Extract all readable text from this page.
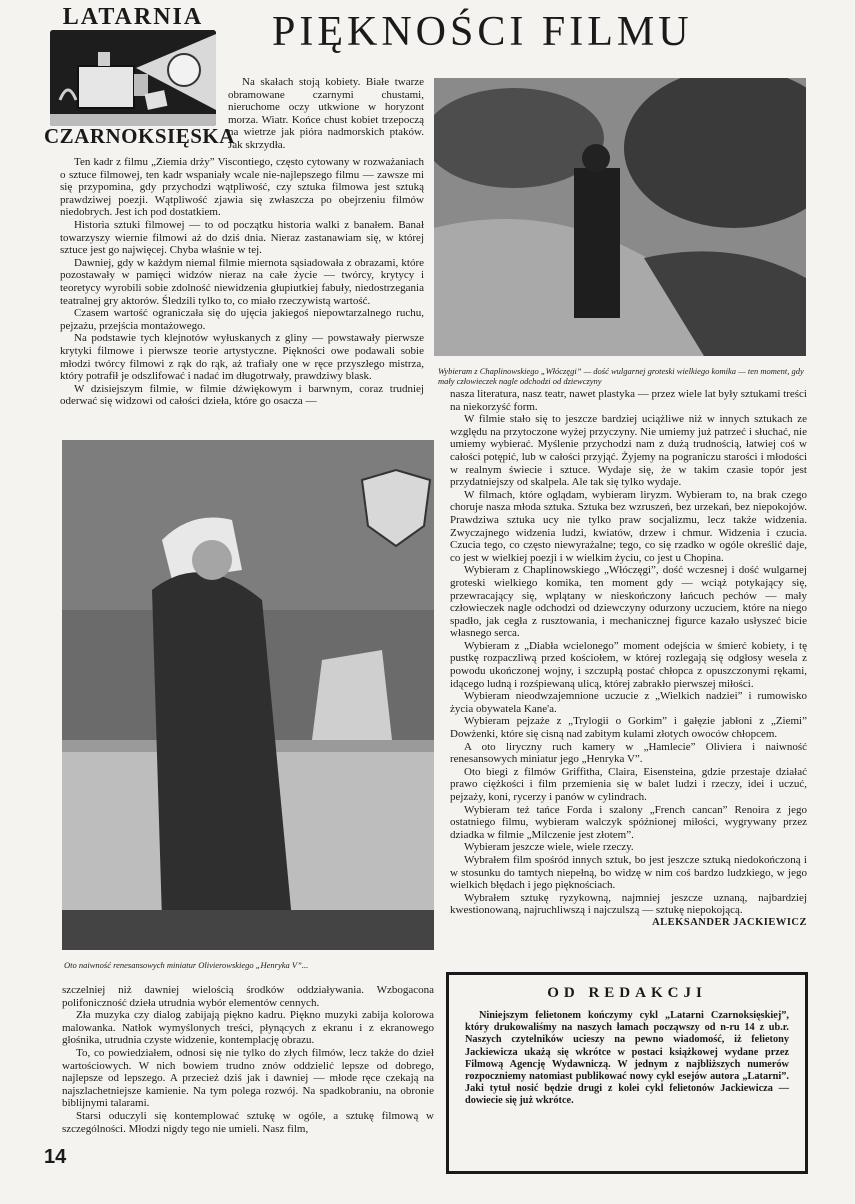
LATARNIA
CZARNOKSIĘSKA
PIĘKNOŚCI FILMU

Na skałach stoją kobiety. Białe twarze obramowane czarnymi chustami, nieruchome oczy utkwione w horyzont morza. Wiatr. Końce chust kobiet trzepoczą na wietrze jak pióra nadmorskich ptaków. Jak skrzydła.

Ten kadr z filmu „Ziemia drży” Viscontiego, często cytowany w rozważaniach o sztuce filmowej, ten kadr wspaniały wcale nie-najlepszego filmu — zawsze mi się przypomina, gdy przychodzi wątpliwość, czy sztuka filmowa jest sztuką prawdziwej poezji. Wątpliwość zjawia się zwłaszcza po obejrzeniu filmów niedobrych. Jest ich pod dostatkiem.

Historia sztuki filmowej — to od początku historia walki z banałem. Banał towarzyszy wiernie filmowi aż do dziś dnia. Nieraz zastanawiam się, w której sztuce jest go najwięcej. Chyba właśnie w tej.

Dawniej, gdy w każdym niemal filmie miernota sąsiadowała z obrazami, które pozostawały w pamięci widzów nieraz na całe życie — twórcy, krytycy i teoretycy wyrobili sobie zdolność niewidzenia głupiutkiej fabuły, niedostrzegania teatralnej gry aktorów. Śledzili tylko to, co miało rzeczywistą wartość.

Czasem wartość ograniczała się do ujęcia jakiegoś niepowtarzalnego ruchu, pejzażu, przejścia montażowego.

Na podstawie tych klejnotów wyłuskanych z gliny — powstawały pierwsze krytyki filmowe i pierwsze teorie artystyczne. Piękności owe podawali sobie młodzi twórcy filmowi z rąk do rąk, aż trafiały one w ręce przyszłego mistrza, który potrafił je odszlifować i nadać im długotrwały, prawdziwy blask.

W dzisiejszym filmie, w filmie dźwiękowym i barwnym, coraz trudniej oderwać się widzowi od całości dzieła, które go osacza —

Wybieram z Chaplinowskiego „Włóczęgi” — dość wulgarnej groteski wielkiego komika — ten moment, gdy mały człowieczek nagle odchodzi od dziewczyny

nasza literatura, nasz teatr, nawet plastyka — przez wiele lat były sztukami treści na niekorzyść form.

W filmie stało się to jeszcze bardziej uciążliwe niż w innych sztukach ze względu na przytoczone wyżej przyczyny. Nie umiemy już patrzeć i słuchać, nie umiemy wybierać. Myślenie przychodzi nam z dużą trudnością, łatwiej coś w całości potępić, lub w całości przyjąć. Żyjemy na pograniczu starości i młodości w realnym świecie i sztuce. Wydaje się, że w takim czasie topór jest przydatniejszy od skalpela. Ale tak się tylko wydaje.

W filmach, które oglądam, wybieram liryzm. Wybieram to, na brak czego choruje nasza młoda sztuka. Sztuka bez wzruszeń, bez urzekań, bez niepokojów. Prawdziwa sztuka ucy nie tylko praw socjalizmu, lecz także widzenia. Zwyczajnego widzenia ludzi, kwiatów, drzew i chmur. Widzenia i czucia. Czucia tego, co często niewyrażalne; tego, co się rzadko w ogóle określić daje, co jest w wielkiej poezji i w wielkim życiu, co jest u Chopina.

Wybieram z Chaplinowskiego „Włóczęgi”, dość wczesnej i dość wulgarnej groteski wielkiego komika, ten moment gdy — wciąż potykający się, przewracający się, wplątany w nieskończony łańcuch pechów — mały człowieczek nagle odchodzi od dziewczyny odurzony uczuciem, które na niego spadło, jak cegła z rusztowania, i mechanicznej figurce kazało usłyszeć bicie własnego serca.

Wybieram z „Diabła wcielonego” moment odejścia w śmierć kobiety, i tę pustkę rozpaczliwą przed kościołem, w której rozlegają się odgłosy wesela z powodu ukończonej wojny, i szczupłą postać chłopca z opuszczonymi rękami, idącego ludną i rozśpiewaną ulicą, której zabrakło pierwszej miłości.

Wybieram nieodwzajemnione uczucie z „Wielkich nadziei” i rumowisko życia obywatela Kane'a.

Wybieram pejzaże z „Trylogii o Gorkim” i gałęzie jabłoni z „Ziemi” Dowżenki, które się cisną nad zabitym kulami złotych owoców chłopcem.

A oto liryczny ruch kamery w „Hamlecie” Oliviera i naiwność renesansowych miniatur jego „Henryka V”.

Oto biegi z filmów Griffitha, Claira, Eisensteina, gdzie przestaje działać prawo ciężkości i film przemienia się w balet ludzi i rzeczy, idei i uczuć, pejzaży, koni, rycerzy i panów w cylindrach.

Wybieram też tańce Forda i szalony „French cancan” Renoira z jego ostatniego filmu, wybieram walczyk spóźnionej miłości, wygrywany przez dziadka w filmie „Milczenie jest złotem”.

Wybieram jeszcze wiele, wiele rzeczy.

Wybrałem film spośród innych sztuk, bo jest jeszcze sztuką niedokończoną i w stosunku do tamtych niepełną, bo widzę w nim coś bardzo ludzkiego, w jego wielkich błędach i jego pięknościach.

Wybrałem sztukę ryzykowną, najmniej jeszcze uznaną, najbardziej kwestionowaną, najruchliwszą i najczulszą — sztukę niepokojącą.

ALEKSANDER JACKIEWICZ

Oto naiwność renesansowych miniatur Olivierowskiego „Henryka V”...

szczelniej niż dawniej wielością środków oddziaływania. Wzbogacona polifoniczność dzieła utrudnia wybór elementów cennych.

Zła muzyka czy dialog zabijają piękno kadru. Piękno muzyki zabija kolorowa malowanka. Natłok wymyślonych treści, płynących z ekranu i z ekranowego głośnika, utrudnia czyste widzenie, kontemplację obrazu.

To, co powiedziałem, odnosi się nie tylko do złych filmów, lecz także do dzieł wartościowych. W nich bowiem trudno znów oddzielić lepsze od dobrego, najlepsze od lepszego. A przecież dziś jak i dawniej — młode ręce czekają na najszlachetniejsze kamienie. Na tym polega rozwój. Na spadkobraniu, na obronie biblijnymi talarami.

Starsi oduczyli się kontemplować sztukę w ogóle, a sztukę filmową w szczególności. Młodzi nigdy tego nie umieli. Nasz film,

OD REDAKCJI

Niniejszym felietonem kończymy cykl „Latarni Czarnoksięskiej”, który drukowaliśmy na naszych łamach począwszy od n-ru 14 z ub.r. Naszych czytelników ucieszy na pewno wiadomość, iż felietony Jackiewicza ukażą się wkrótce w postaci książkowej wydane przez Filmową Agencję Wydawniczą. W jednym z najbliższych numerów rozpoczniemy natomiast publikować nowy cykl esejów autora „Latarni”. Jaki tytuł nosić będzie drugi z kolei cykl felietonów Jackiewicza — dowiecie się już wkrótce.

14
